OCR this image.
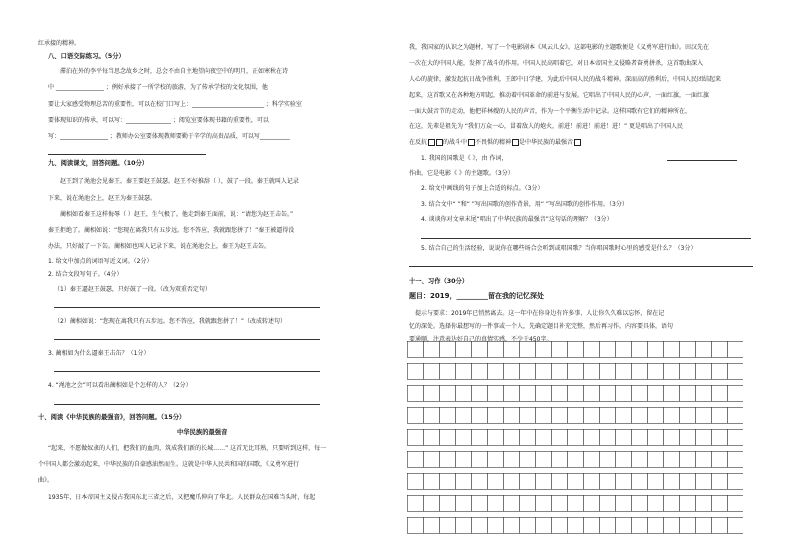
红承接的精神。
八、口语交际练习。（5分）
滞泊在外的李平每当思念故乡之时，总会不由自主地望向夜空中的明月，正如寒秋在诗
中 ________________ ；例好承接了一所学校的旅游，为了传承学校的文化氛围，他
要让大家感受物理总苦的重要性，可以在校门口写上：________________________ ；科学实验室
要体现知识的传承，可以写：_______________ ；阅览室要体现书籍的重要性，可以
写：________________ ；教师办公室要体现教师要勤于辛学的高贵品质，可以写__________
九、阅读课文，回答问题。（10分）
赵王到了渑池会见秦王。秦王要赵王鼓瑟。赵王不好推辞（ ），鼓了一段。秦王就叫人记录
下来，说在渑池会上，赵王为秦王鼓瑟。
蔺相如看秦王这样侮辱（ ）赵王，生气极了。他走到秦王面前，说：“请您为赵王击缶。”
秦王拒绝了。蔺相如说：“您现在离我只有五步远。您不答应，我就跟您拼了！”秦王被逼得没
办法，只好敲了一下缶。蔺相如也叫人记录下来，说在渑池会上，秦王为赵王击缶。
1. 给文中加点的词语写近义词。（2分）
2. 结合文段写句子。（4分）
（1）秦王逼赵王鼓瑟，只好鼓了一段。（改为双重否定句）
（2）蔺相如说：“您现在离我只有五步远。您不答应，我就跟您拼了！”（改成转述句）
3. 蔺相如为什么逼秦王击缶？（1分）
4. “渑池之会”可以看出蔺相如是个怎样的人？（2分）
十、阅读《中华民族的最强音》，回答问题。（15分）
中华民族的最强音
“起来，不愿做奴隶的人们，把我们的血肉，筑成我们新的长城……” 这首无比耳熟，只要听到这样，每一
个中国人都会激动起来，中华民族的自豪感油然而生。这就是中华人民共和国的国歌，《义勇军进行
曲》。
1935年，日本帝国主义侵占我国东北三省之后，又把魔爪伸向了华北。人民群众在国难当头时，每起
我，我国家的认识之为题材，写了一个电影剧本《风云儿女》。这部电影的主题歌便是《义勇军进行曲》。田汉先在
一次在大的中国人能，发挥了战斗的作用。中国人民高唱着它，对日本帝国主义侵略者奋勇拼杀，这首歌曲深入
人心的旋律，激发起抗日战争胜利，王郎中日学建，为此后中国人民的战斗精神。深而高的胜利后，中国人民团结起来
起来，这首歌又在各种地方唱起，推动着中国革命的前进与发展。它唱出了中国人民的心声，一面红旗，一面红旗
一面大鼓音节的走动，他把祥林嫂的人民的声音，作为一个平衡生活中记录。这样国歌有它们的精神所在，
在这，先辈是祖先为 “我们万众一心，冒着敌人的炮火，前进！前进！前进！进！” 更是唱出了中国人民
在反抗	的战斗中 不畏惧的精神 是中华民族的最强音
1. 我国的国歌是《 》，由 作词，
作曲，它是电影《 》的主题歌。（3分）
2. 给文中画线的句子加上合适的标点。（3分）
3. 结合文中“ ”和“ ”写出国歌的创作背景，用“ ”写出国歌的创作作用。（3分）
4. 谈谈你对文章末尾“唱出了中华民族的最强音”这句话的理解？（3分）
5. 结合自己的生活经验，说说你在哪些场合会听到或唱国歌？当你唱国歌时心里的感受是什么？（3分）
十一、习作（30分）
题目：2019，_________留在我的记忆深处
提示与要求：2019年已悄然离去。这一年中在你身边有许多事、人让你久久难以忘怀，留在记
忆的深处。选择你最想写的一件事或一个人，先确定题目补充完整，然后再习作。内容要具体，语句
要通顺，注意表达好自己的真情实感，不少于450字。
